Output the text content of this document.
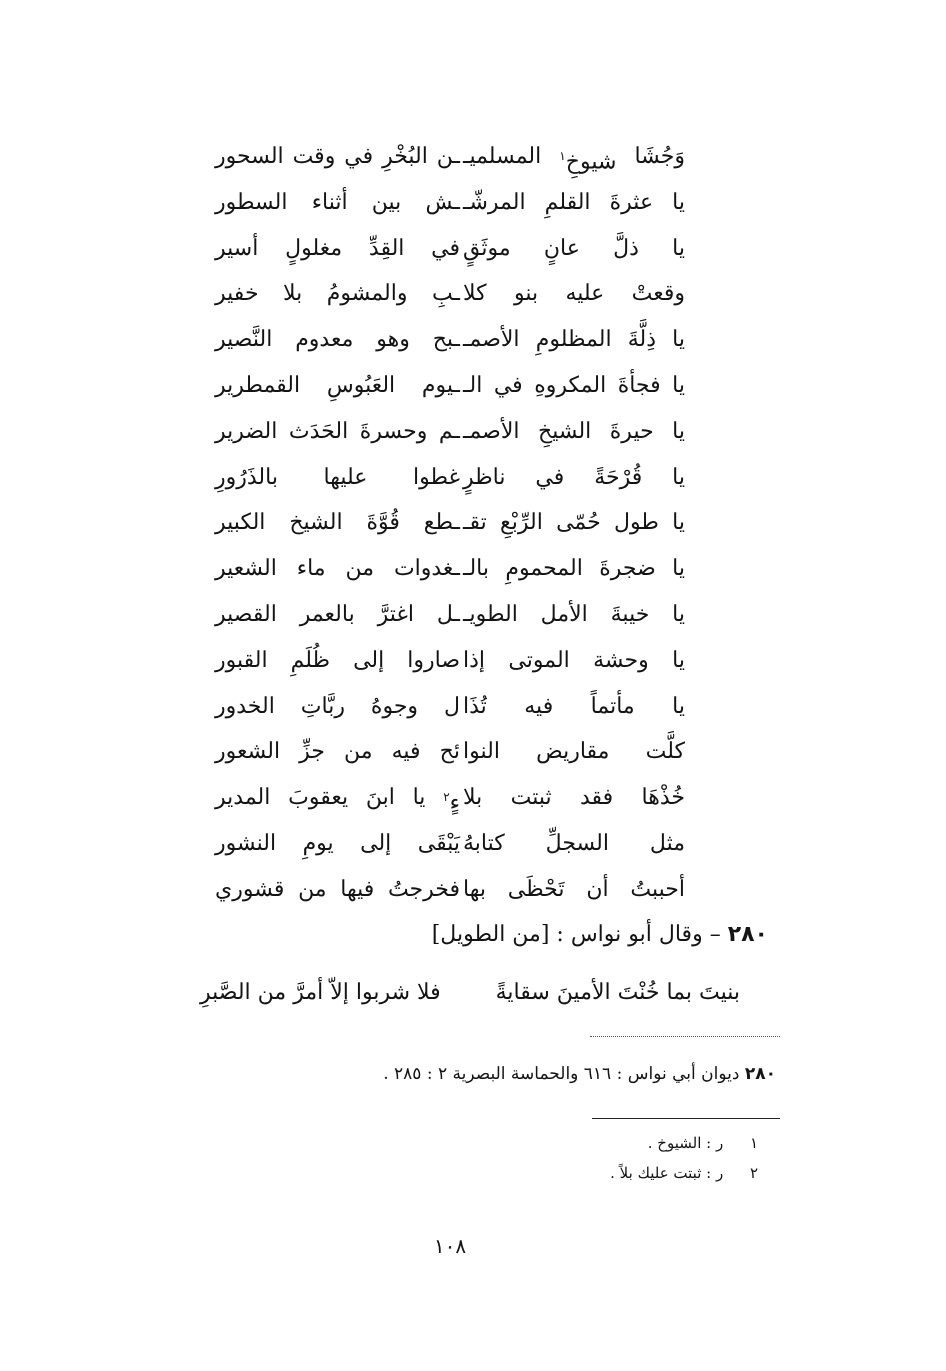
وَجُشَا
شيوخِ$^١$
المسلميـ
ـن
البُخْرِ
في
وقت
السحور
يا
عثرةَ
القلمِ
المرشّـ
ـش
بين
أثناء
السطور
يا
ذلَّ
عانٍ
موثَقٍ
في
القِدِّ
مغلولٍ
أسير
وقعتْ
عليه
بنو
كلا
ـبِ
والمشومُ
بلا
خفير
يا
ذِلَّةَ
المظلومِ
الأصمـ
ـبح
وهو
معدوم
النَّصير
يا
فجأةَ
المكروهِ
في
الـ
ـيوم
العَبُوسِ
القمطرير
يا
حيرةَ
الشيخِ
الأصمـ
ـم
وحسرةَ
الحَدَث
الضرير
يا
قُرْحَةً
في
ناظرٍ
غطوا
عليها
بالذَرُورِ
يا
طول
حُمّى
الرِّبْعِ
تقـ
ـطع
قُوَّةَ
الشيخ
الكبير
يا
ضجرةَ
المحمومِ
بالـ
ـغدوات
من
ماء
الشعير
يا
خيبةَ
الأمل
الطويـ
ـل
اغترَّ
بالعمر
القصير
يا
وحشة
الموتى
إذا
صاروا
إلى
ظُلَمِ
القبور
يا
مأتماً
فيه
تُذَا
ل
وجوهُ
ربَّاتِ
الخدور
كلَّت
مقاريض
النوا
ئح
فيه
من
جزِّ
الشعور
خُذْهَا
فقد
ثبتت
بلا
ءٍ$^٢$
يا
ابنَ
يعقوبَ
المدير
مثل
السجلِّ
كتابهُ
يَبْقَى
إلى
يومِ
النشور
أحببتُ
أن
تَحْظَى
بها
فخرجتُ
فيها
من
قشوري
٢٨٠ – وقال أبو نواس : [من الطويل]
بنيتَ بما خُنْتَ الأمينَ سقايةً
فلا شربوا إلاّ أمرَّ من الصَّبرِ
٢٨٠ ديوان أبي نواس : ٦١٦ والحماسة البصرية ٢ : ٢٨٥ .
١ ر : الشيوخ .
٢ ر : ثبتت عليك بلاً .
١٠٨
